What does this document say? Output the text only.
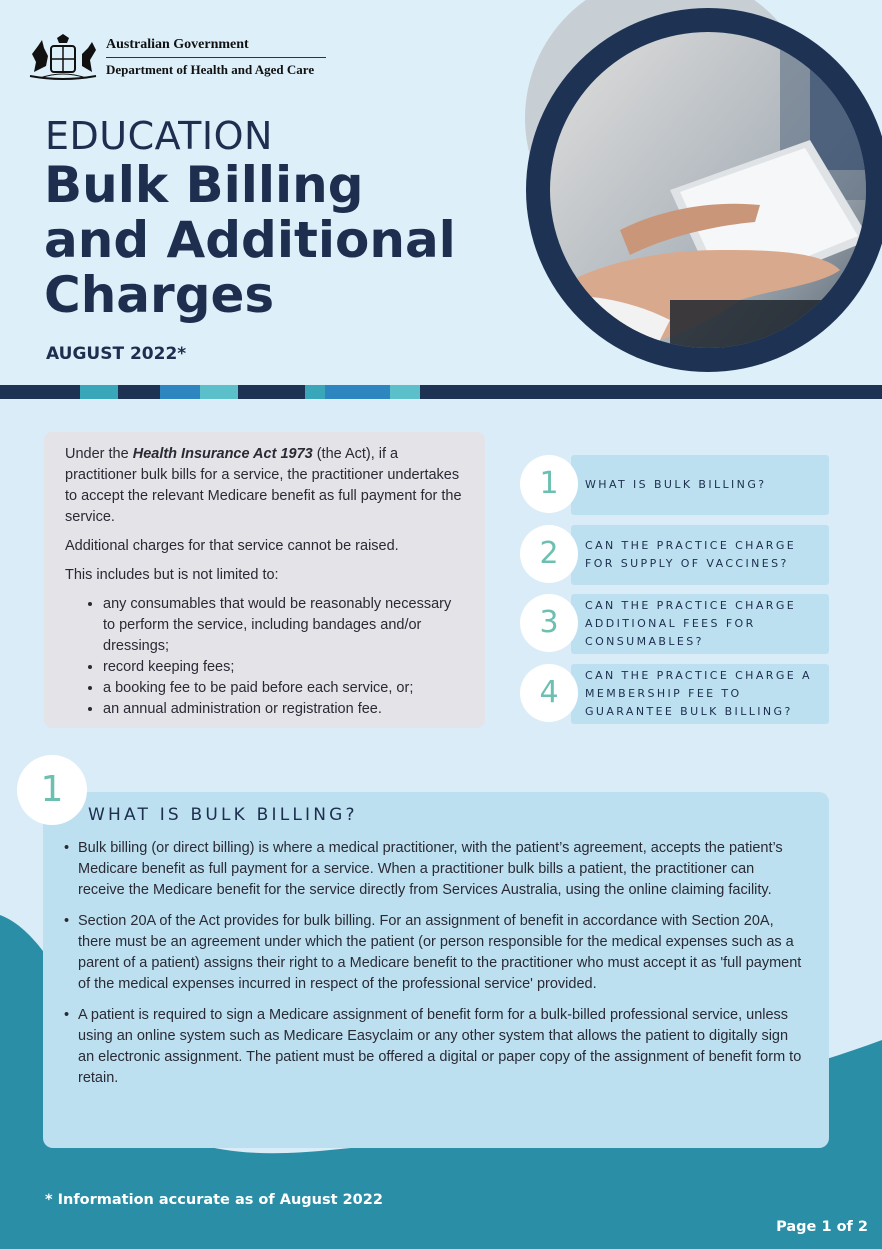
Australian Government
Department of Health and Aged Care
EDUCATION
Bulk Billing and Additional Charges
AUGUST 2022*

Under the Health Insurance Act 1973 (the Act), if a practitioner bulk bills for a service, the practitioner undertakes to accept the relevant Medicare benefit as full payment for the service.

Additional charges for that service cannot be raised.

This includes but is not limited to:

• any consumables that would be reasonably necessary to perform the service, including bandages and/or dressings;
• record keeping fees;
• a booking fee to be paid before each service, or;
• an annual administration or registration fee.
1	WHAT IS BULK BILLING?
2	CAN THE PRACTICE CHARGE FOR SUPPLY OF VACCINES?
3	CAN THE PRACTICE CHARGE ADDITIONAL FEES FOR CONSUMABLES?
4	CAN THE PRACTICE CHARGE A MEMBERSHIP FEE TO GUARANTEE BULK BILLING?
1
WHAT IS BULK BILLING?
• Bulk billing (or direct billing) is where a medical practitioner, with the patient’s agreement, accepts the patient’s Medicare benefit as full payment for a service. When a practitioner bulk bills a patient, the practitioner can receive the Medicare benefit for the service directly from Services Australia, using the online claiming facility.
• Section 20A of the Act provides for bulk billing. For an assignment of benefit in accordance with Section 20A, there must be an agreement under which the patient (or person responsible for the medical expenses such as a parent of a patient) assigns their right to a Medicare benefit to the practitioner who must accept it as 'full payment of the medical expenses incurred in respect of the professional service' provided.
• A patient is required to sign a Medicare assignment of benefit form for a bulk-billed professional service, unless using an online system such as Medicare Easyclaim or any other system that allows the patient to digitally sign an electronic assignment. The patient must be offered a digital or paper copy of the assignment of benefit form to retain.
* Information accurate as of August 2022
Page 1 of 2
